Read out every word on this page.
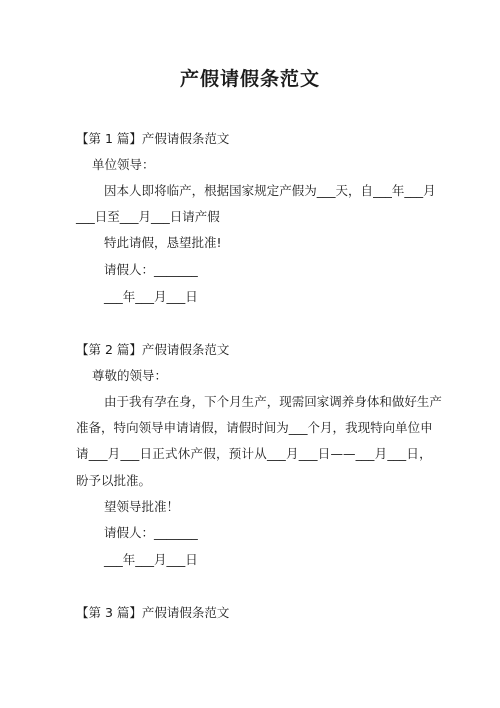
产假请假条范文
【第 1 篇】产假请假条范文
单位领导：
因 本 人 即 将 临 产 ， 根 据 国 家 规 定 产 假 为 ___ 天 ， 自 ___ 年 ___ 月
___日至___月___日请产假
特此请假，恳望批准!
请假人：_______
___年___月___日
【第 2 篇】产假请假条范文
尊敬的领导：
由 于 我 有 孕 在 身 ， 下 个 月 生 产 ， 现 需 回 家 调 养 身 体 和 做 好 生 产
准 备 ， 特 向 领 导 申 请 请 假 ， 请 假 时 间 为 ___ 个 月 ， 我 现 特 向 单 位 申
请 ___ 月 ___ 日 正 式 休 产 假 ， 预 计 从 ___ 月 ___ 日 —— ___ 月 ___ 日 ，
盼予以批准。
望领导批准！
请假人：_______
___年___月___日
【第 3 篇】产假请假条范文
